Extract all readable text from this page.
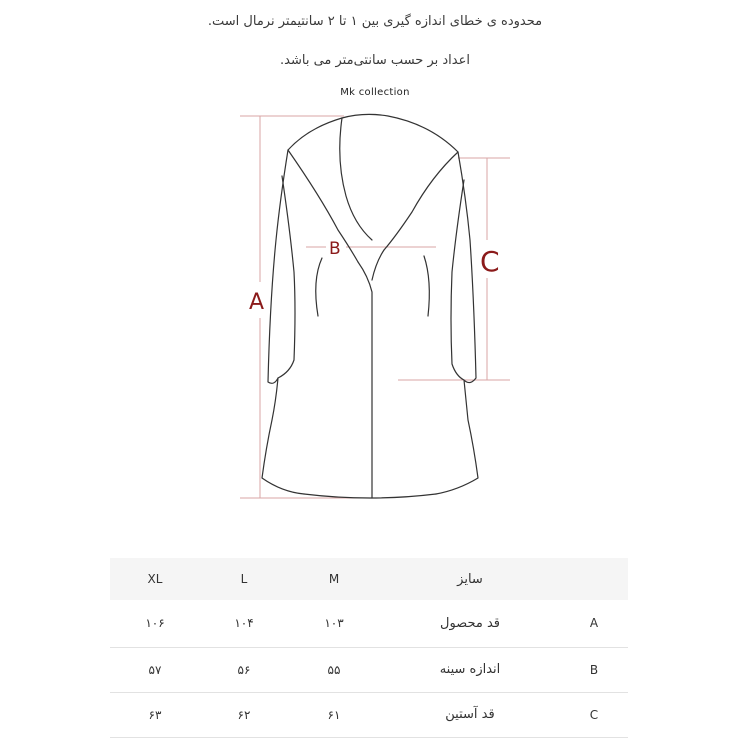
محدوده ی خطای اندازه گیری بین ۱ تا ۲ سانتیمتر نرمال است.
اعداد بر حسب سانتی‌متر می باشد.
Mk collection
A
B	C
XL	L	M	سایز	
۱۰۶	۱۰۴	۱۰۳	قد محصول	A
۵۷	۵۶	۵۵	اندازه سینه	B
۶۳	۶۲	۶۱	قد آستین	C
